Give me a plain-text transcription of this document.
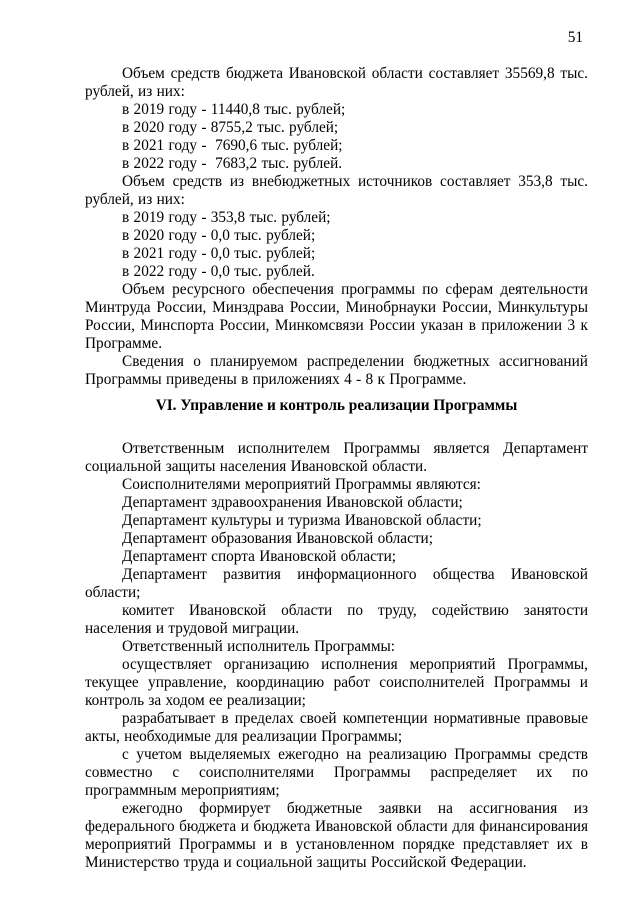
51

Объем средств бюджета Ивановской области составляет 35569,8 тыс. рублей, из них:

в 2019 году - 11440,8 тыс. рублей;

в 2020 году - 8755,2 тыс. рублей;

в 2021 году -  7690,6 тыс. рублей;

в 2022 году -  7683,2 тыс. рублей.

Объем средств из внебюджетных источников составляет 353,8 тыс. рублей, из них:

в 2019 году - 353,8 тыс. рублей;

в 2020 году - 0,0 тыс. рублей;

в 2021 году - 0,0 тыс. рублей;

в 2022 году - 0,0 тыс. рублей.

Объем ресурсного обеспечения программы по сферам деятельности Минтруда России, Минздрава России, Минобрнауки России, Минкультуры России, Минспорта России, Минкомсвязи России указан в приложении 3 к Программе.

Сведения о планируемом распределении бюджетных ассигнований Программы приведены в приложениях 4 - 8 к Программе.

VI. Управление и контроль реализации Программы

Ответственным исполнителем Программы является Департамент социальной защиты населения Ивановской области.

Соисполнителями мероприятий Программы являются:

Департамент здравоохранения Ивановской области;

Департамент культуры и туризма Ивановской области;

Департамент образования Ивановской области;

Департамент спорта Ивановской области;

Департамент развития информационного общества Ивановской области;

комитет Ивановской области по труду, содействию занятости населения и трудовой миграции.

Ответственный исполнитель Программы:

осуществляет организацию исполнения мероприятий Программы, текущее управление, координацию работ соисполнителей Программы и контроль за ходом ее реализации;

разрабатывает в пределах своей компетенции нормативные правовые акты, необходимые для реализации Программы;

с учетом выделяемых ежегодно на реализацию Программы средств совместно с соисполнителями Программы распределяет их по программным мероприятиям;

ежегодно формирует бюджетные заявки на ассигнования из федерального бюджета и бюджета Ивановской области для финансирования мероприятий Программы и в установленном порядке представляет их в Министерство труда и социальной защиты Российской Федерации.
